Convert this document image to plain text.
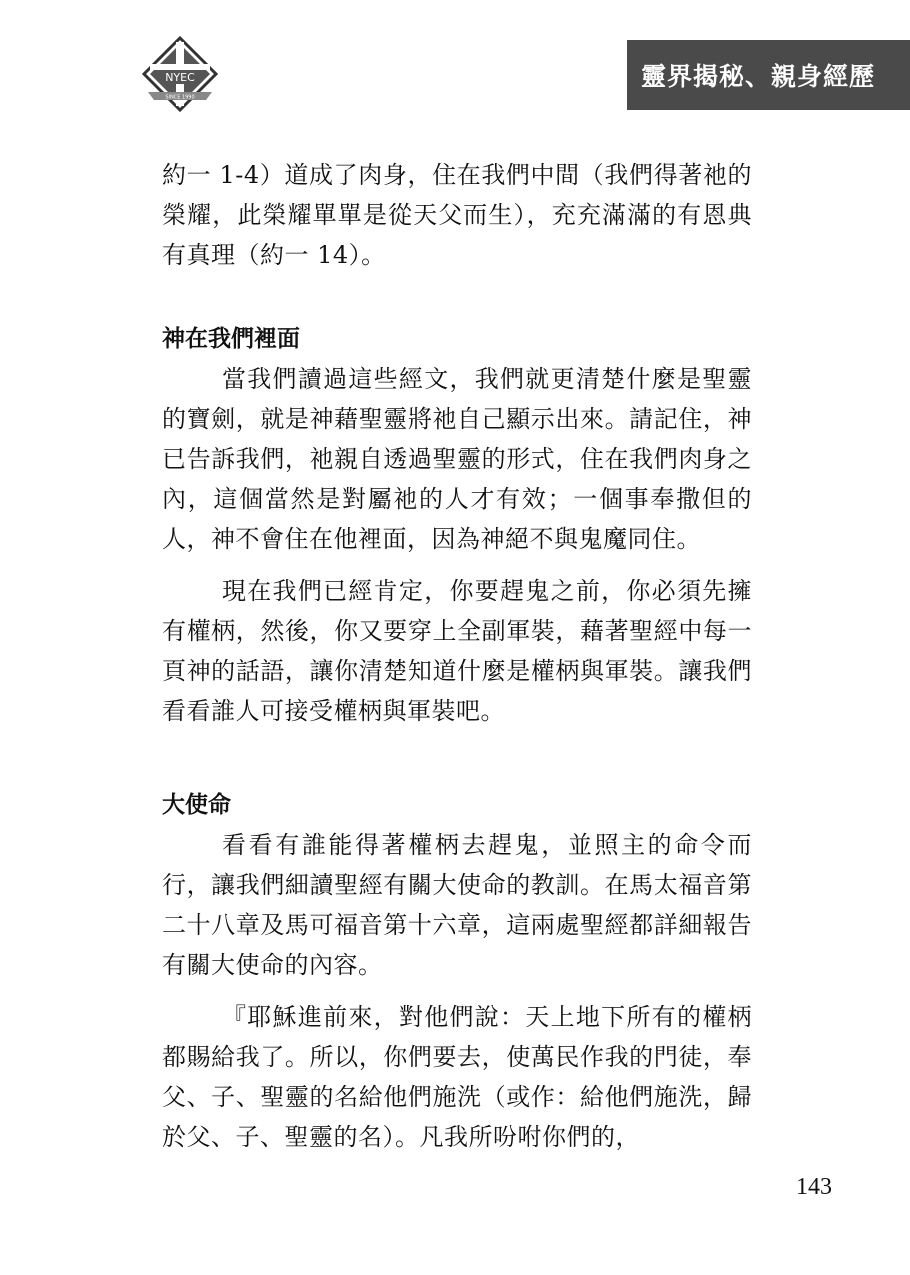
NYEC
SINCE 1990
靈界揭秘、親身經歷

約一 1-4）道成了肉身，住在我們中間（我們得著祂的榮耀，此榮耀單單是從天父而生），充充滿滿的有恩典有真理（約一 14）。

神在我們裡面

當我們讀過這些經文，我們就更清楚什麼是聖靈的寶劍，就是神藉聖靈將祂自己顯示出來。請記住，神已告訴我們，祂親自透過聖靈的形式，住在我們肉身之內，這個當然是對屬祂的人才有效；一個事奉撒但的人，神不會住在他裡面，因為神絕不與鬼魔同住。

現在我們已經肯定，你要趕鬼之前，你必須先擁有權柄，然後，你又要穿上全副軍裝，藉著聖經中每一頁神的話語，讓你清楚知道什麼是權柄與軍裝。讓我們看看誰人可接受權柄與軍裝吧。

大使命

看看有誰能得著權柄去趕鬼，並照主的命令而行，讓我們細讀聖經有關大使命的教訓。在馬太福音第二十八章及馬可福音第十六章，這兩處聖經都詳細報告有關大使命的內容。

『耶穌進前來，對他們說：天上地下所有的權柄都賜給我了。所以，你們要去，使萬民作我的門徒，奉父、子、聖靈的名給他們施洗（或作：給他們施洗，歸於父、子、聖靈的名）。凡我所吩咐你們的，

143
